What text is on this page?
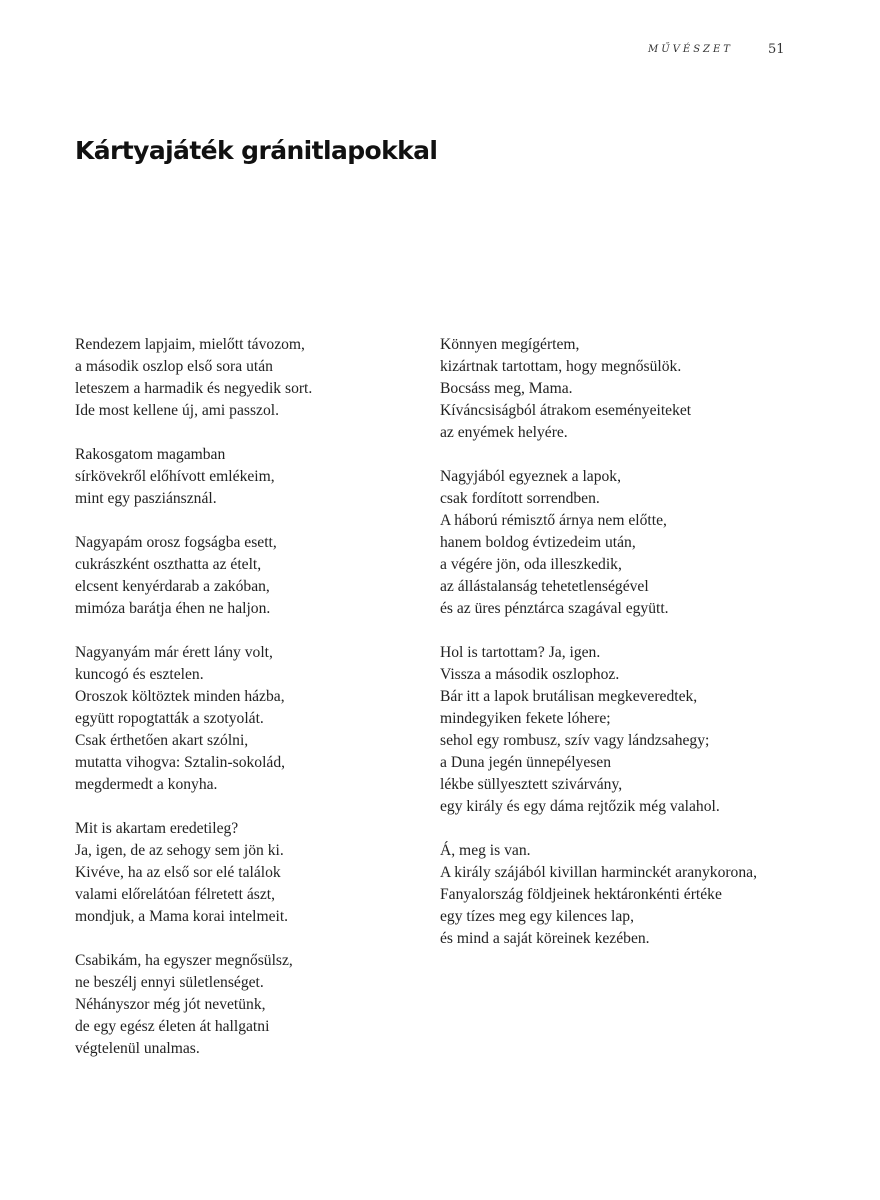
MŰVÉSZET	51
Kártyajáték gránitlapokkal
Rendezem lapjaim, mielőtt távozom,
a második oszlop első sora után
leteszem a harmadik és negyedik sort.
Ide most kellene új, ami passzol.
Rakosgatom magamban
sírkövekről előhívott emlékeim,
mint egy pasziánsznál.
Nagyapám orosz fogságba esett,
cukrászként oszthatta az ételt,
elcsent kenyérdarab a zakóban,
mimóza barátja éhen ne haljon.
Nagyanyám már érett lány volt,
kuncogó és esztelen.
Oroszok költöztek minden házba,
együtt ropogtatták a szotyolát.
Csak érthetően akart szólni,
mutatta vihogva: Sztalin-sokolád,
megdermedt a konyha.
Mit is akartam eredetileg?
Ja, igen, de az sehogy sem jön ki.
Kivéve, ha az első sor elé találok
valami előrelátóan félretett ászt,
mondjuk, a Mama korai intelmeit.
Csabikám, ha egyszer megnősülsz,
ne beszélj ennyi sületlenséget.
Néhányszor még jót nevetünk,
de egy egész életen át hallgatni
végtelenül unalmas.
Könnyen megígértem,
kizártnak tartottam, hogy megnősülök.
Bocsáss meg, Mama.
Kíváncsiságból átrakom eseményeiteket
az enyémek helyére.
Nagyjából egyeznek a lapok,
csak fordított sorrendben.
A háború rémisztő árnya nem előtte,
hanem boldog évtizedeim után,
a végére jön, oda illeszkedik,
az állástalanság tehetetlenségével
és az üres pénztárca szagával együtt.
Hol is tartottam? Ja, igen.
Vissza a második oszlophoz.
Bár itt a lapok brutálisan megkeveredtek,
mindegyiken fekete lóhere;
sehol egy rombusz, szív vagy lándzsahegy;
a Duna jegén ünnepélyesen
lékbe süllyesztett szivárvány,
egy király és egy dáma rejtőzik még valahol.
Á, meg is van.
A király szájából kivillan harminckét aranykorona,
Fanyalország földjeinek hektáronkénti értéke
egy tízes meg egy kilences lap,
és mind a saját köreinek kezében.
